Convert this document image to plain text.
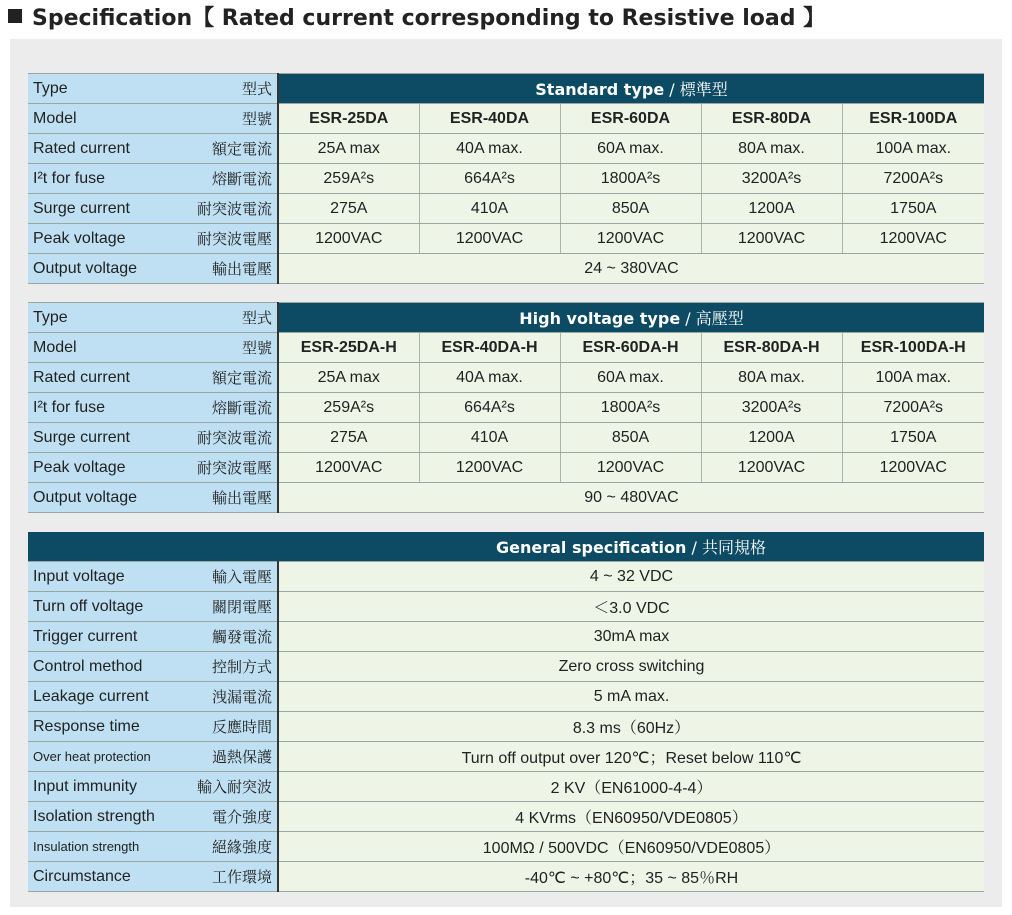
Specification【 Rated current corresponding to Resistive load 】
Type 型式	Standard type / 標準型				

Model 型號	ESR-25DA	ESR-40DA	ESR-60DA	ESR-80DA	ESR-100DA

Rated current 額定電流	25A max	40A max.	60A max.	80A max.	100A max.

I²t for fuse 熔斷電流	259A²s	664A²s	1800A²s	3200A²s	7200A²s

Surge current 耐突波電流	275A	410A	850A	1200A	1750A

Peak voltage 耐突波電壓	1200VAC	1200VAC	1200VAC	1200VAC	1200VAC

Output voltage 輸出電壓	24 ~ 380VAC				
Type 型式	High voltage type / 高壓型				

Model 型號	ESR-25DA-H	ESR-40DA-H	ESR-60DA-H	ESR-80DA-H	ESR-100DA-H

Rated current 額定電流	25A max	40A max.	60A max.	80A max.	100A max.

I²t for fuse 熔斷電流	259A²s	664A²s	1800A²s	3200A²s	7200A²s

Surge current 耐突波電流	275A	410A	850A	1200A	1750A

Peak voltage 耐突波電壓	1200VAC	1200VAC	1200VAC	1200VAC	1200VAC

Output voltage 輸出電壓	90 ~ 480VAC				
	General specification / 共同規格

Input voltage 輸入電壓	4 ~ 32 VDC

Turn off voltage 關閉電壓	＜3.0 VDC

Trigger current 觸發電流	30mA max

Control method 控制方式	Zero cross switching

Leakage current 洩漏電流	5 mA max.

Response time 反應時間	8.3 ms（60Hz）

Over heat protection 過熱保護	Turn off output over 120℃；Reset below 110℃

Input immunity 輸入耐突波	2 KV（EN61000-4-4）

Isolation strength 電介強度	4 KVrms（EN60950/VDE0805）

Insulation strength 絕緣強度	100MΩ / 500VDC（EN60950/VDE0805）

Circumstance 工作環境	-40℃ ~ +80℃；35 ~ 85％RH
